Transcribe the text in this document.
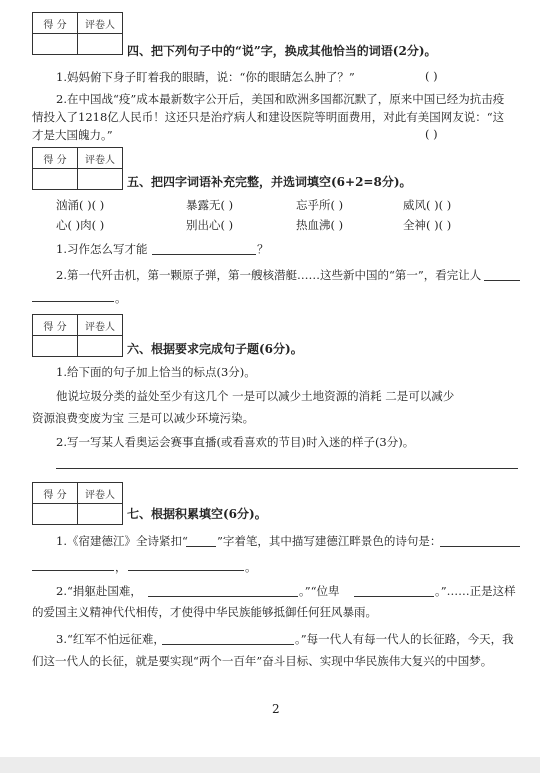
得 分	评卷人

四、把下列句子中的“说”字，换成其他恰当的词语(2分)。
1.妈妈俯下身子盯着我的眼睛，说：“你的眼睛怎么肿了？”	( )
2.在中国战“疫”成本最新数字公开后，美国和欧洲多国都沉默了，原来中国已经为抗击疫
情投入了1218亿人民币！这还只是治疗病人和建设医院等明面费用，对此有美国网友说：“这
才是大国魄力。”	( )
得 分	评卷人

五、把四字词语补充完整，并选词填空(6+2=8分)。
汹涌( )( )	暴露无( )	忘乎所( )	威风( )( )
心( )肉( )	别出心( )	热血沸( )	全神( )( )
1.习作怎么写才能	？
2.第一代歼击机，第一颗原子弹，第一艘核潜艇……这些新中国的“第一”，看完让人
。
得 分	评卷人

六、根据要求完成句子题(6分)。
1.给下面的句子加上恰当的标点(3分)。
他说垃圾分类的益处至少有这几个 一是可以减少土地资源的消耗 二是可以减少
资源浪费变废为宝 三是可以减少环境污染。
2.写一写某人看奥运会赛事直播(或看喜欢的节目)时入迷的样子(3分)。
得 分	评卷人

七、根据积累填空(6分)。
1.《宿建德江》全诗紧扣“	”字着笔，其中描写建德江畔景色的诗句是：
，	。
2.“捐躯赴国难，	。”“位卑	。”……正是这样
的爱国主义精神代代相传，才使得中华民族能够抵御任何狂风暴雨。
3.“红军不怕远征难，	。”每一代人有每一代人的长征路，今天，我
们这一代人的长征，就是要实现“两个一百年”奋斗目标、实现中华民族伟大复兴的中国梦。
2
